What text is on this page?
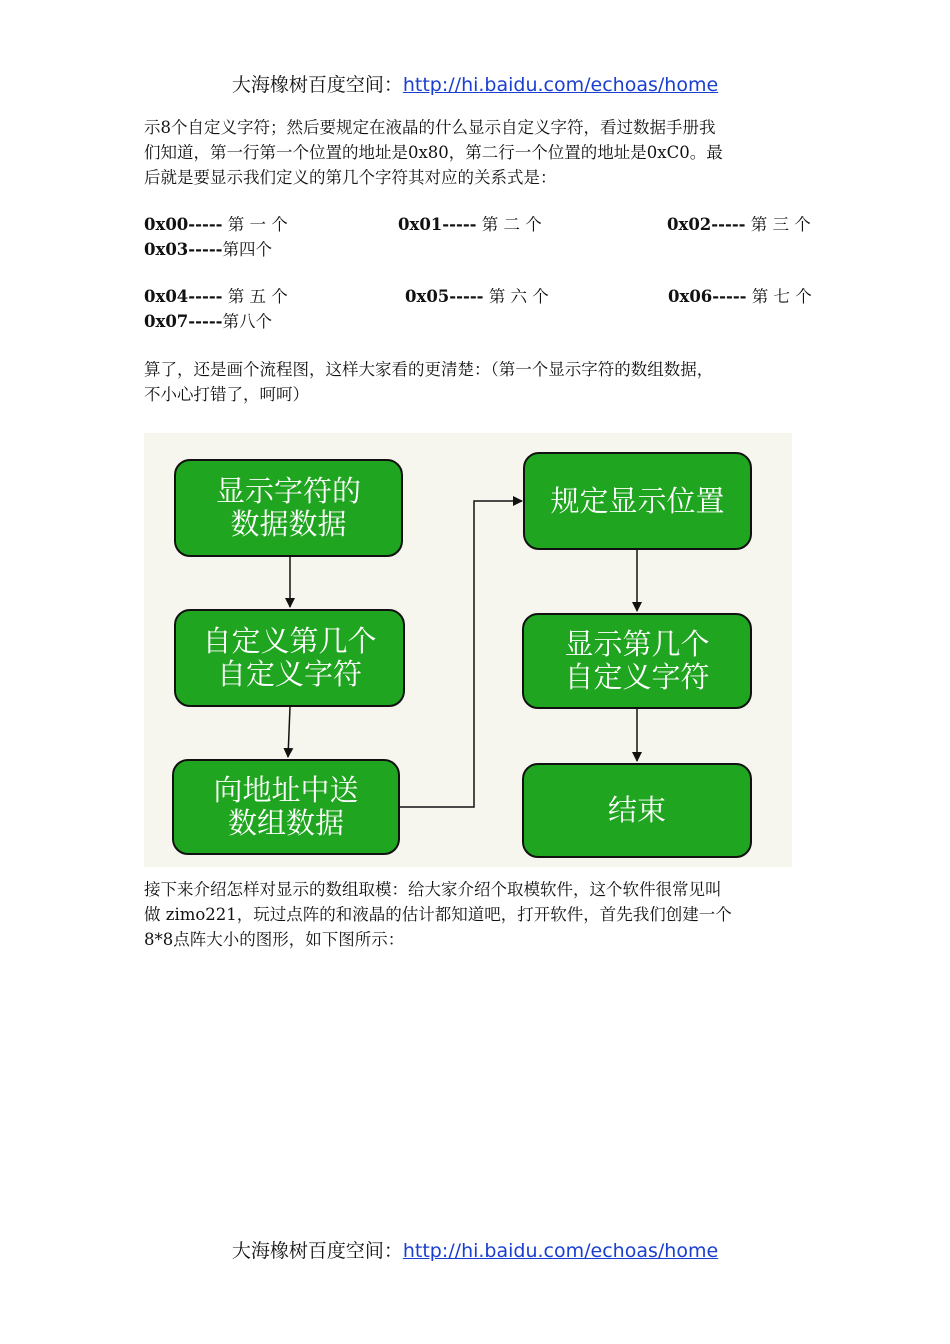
大海橡树百度空间：http://hi.baidu.com/echoas/home

示8个自定义字符；然后要规定在液晶的什么显示自定义字符，看过数据手册我

们知道，第一行第一个位置的地址是0x80，第二行一个位置的地址是0xC0。最

后就是要显示我们定义的第几个字符其对应的关系式是：

0x00----- 第 一 个	0x01----- 第 二 个	0x02----- 第 三 个
0x03-----第四个
0x04----- 第 五 个	0x05----- 第 六 个	0x06----- 第 七 个
0x07-----第八个

算了，还是画个流程图，这样大家看的更清楚：（第一个显示字符的数组数据，

不小心打错了，呵呵）

显示字符的
数据数据
自定义第几个
自定义字符
向地址中送
数组数据
规定显示位置
显示第几个
自定义字符
结束

接下来介绍怎样对显示的数组取模：给大家介绍个取模软件，这个软件很常见叫

做 zimo221，玩过点阵的和液晶的估计都知道吧，打开软件，首先我们创建一个

8*8点阵大小的图形，如下图所示：

大海橡树百度空间：http://hi.baidu.com/echoas/home
